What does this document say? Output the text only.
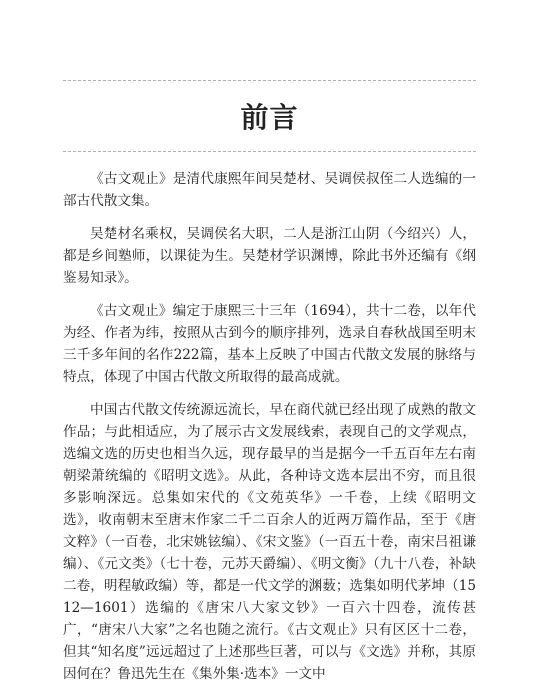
前言

《古文观止》是清代康熙年间吴楚材、吴调侯叔侄二人选编的一部古代散文集。

吴楚材名乘权，吴调侯名大职，二人是浙江山阴（今绍兴）人，都是乡间塾师，以课徒为生。吴楚材学识渊博，除此书外还编有《纲鉴易知录》。

《古文观止》编定于康熙三十三年（1694），共十二卷，以年代为经、作者为纬，按照从古到今的顺序排列，选录自春秋战国至明末三千多年间的名作222篇，基本上反映了中国古代散文发展的脉络与特点，体现了中国古代散文所取得的最高成就。

中国古代散文传统源远流长，早在商代就已经出现了成熟的散文作品；与此相适应，为了展示古文发展线索，表现自己的文学观点，选编文选的历史也相当久远，现存最早的当是据今一千五百年左右南朝梁萧统编的《昭明文选》。从此，各种诗文选本层出不穷，而且很多影响深远。总集如宋代的《文苑英华》一千卷，上续《昭明文选》，收南朝末至唐末作家二千二百余人的近两万篇作品，至于《唐文粹》（一百卷，北宋姚铉编）、《宋文鉴》（一百五十卷，南宋吕祖谦编）、《元文类》（七十卷，元苏天爵编）、《明文衡》（九十八卷，补缺二卷，明程敏政编）等，都是一代文学的渊薮；选集如明代茅坤（1512—1601）选编的《唐宋八大家文钞》一百六十四卷，流传甚广，“唐宋八大家”之名也随之流行。《古文观止》只有区区十二卷，但其“知名度”远远超过了上述那些巨著，可以与《文选》并称，其原因何在？鲁迅先生在《集外集·选本》一文中
